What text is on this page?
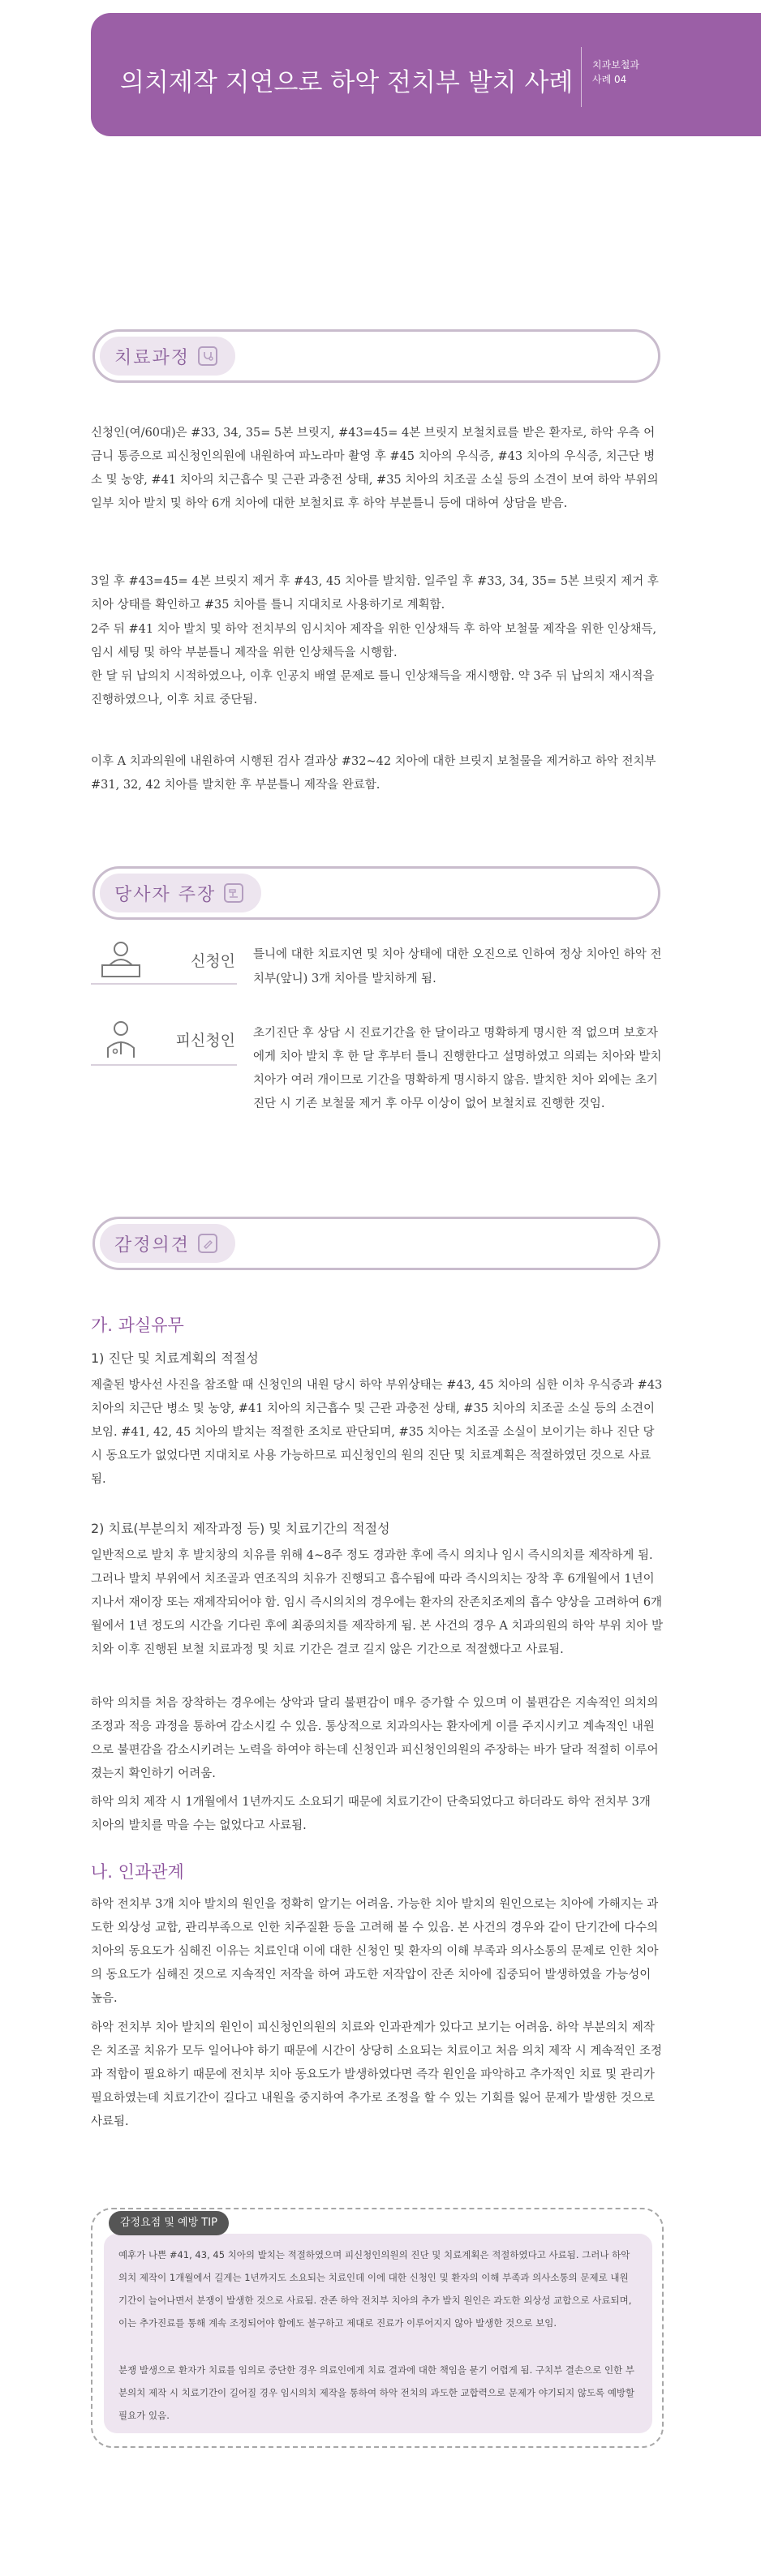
의치제작 지연으로 하악 전치부 발치 사례
치과보철과
사례 04
치료과정
신청인(여/60대)은 #33, 34, 35= 5본 브릿지, #43=45= 4본 브릿지 보철치료를 받은 환자로, 하악 우측 어금니 통증으로 피신청인의원에 내원하여 파노라마 촬영 후 #45 치아의 우식증, #43 치아의 우식증, 치근단 병소 및 농양, #41 치아의 치근흡수 및 근관 과충전 상태, #35 치아의 치조골 소실 등의 소견이 보여 하악 부위의 일부 치아 발치 및 하악 6개 치아에 대한 보철치료 후 하악 부분틀니 등에 대하여 상담을 받음.
3일 후 #43=45= 4본 브릿지 제거 후 #43, 45 치아를 발치함. 일주일 후 #33, 34, 35= 5본 브릿지 제거 후 치아 상태를 확인하고 #35 치아를 틀니 지대치로 사용하기로 계획함.
2주 뒤 #41 치아 발치 및 하악 전치부의 임시치아 제작을 위한 인상채득 후 하악 보철물 제작을 위한 인상채득, 임시 세팅 및 하악 부분틀니 제작을 위한 인상채득을 시행함.
한 달 뒤 납의치 시적하였으나, 이후 인공치 배열 문제로 틀니 인상채득을 재시행함. 약 3주 뒤 납의치 재시적을 진행하였으나, 이후 치료 중단됨.
이후 A 치과의원에 내원하여 시행된 검사 결과상 #32~42 치아에 대한 브릿지 보철물을 제거하고 하악 전치부 #31, 32, 42 치아를 발치한 후 부분틀니 제작을 완료함.
당사자 주장
신청인 틀니에 대한 치료지연 및 치아 상태에 대한 오진으로 인하여 정상 치아인 하악 전치부(앞니) 3개 치아를 발치하게 됨.
피신청인 초기진단 후 상담 시 진료기간을 한 달이라고 명확하게 명시한 적 없으며 보호자에게 치아 발치 후 한 달 후부터 틀니 진행한다고 설명하였고 의뢰는 치아와 발치 치아가 여러 개이므로 기간을 명확하게 명시하지 않음. 발치한 치아 외에는 초기 진단 시 기존 보철물 제거 후 아무 이상이 없어 보철치료 진행한 것임.
감정의견
가. 과실유무
1) 진단 및 치료계획의 적절성
제출된 방사선 사진을 참조할 때 신청인의 내원 당시 하악 부위상태는 #43, 45 치아의 심한 이차 우식증과 #43 치아의 치근단 병소 및 농양, #41 치아의 치근흡수 및 근관 과충전 상태, #35 치아의 치조골 소실 등의 소견이 보임. #41, 42, 45 치아의 발치는 적절한 조치로 판단되며, #35 치아는 치조골 소실이 보이기는 하나 진단 당시 동요도가 없었다면 지대치로 사용 가능하므로 피신청인의 원의 진단 및 치료계획은 적절하였던 것으로 사료됨.
2) 치료(부분의치 제작과정 등) 및 치료기간의 적절성
일반적으로 발치 후 발치창의 치유를 위해 4~8주 정도 경과한 후에 즉시 의치나 임시 즉시의치를 제작하게 됨. 그러나 발치 부위에서 치조골과 연조직의 치유가 진행되고 흡수됨에 따라 즉시의치는 장착 후 6개월에서 1년이 지나서 재이장 또는 재제작되어야 함. 임시 즉시의치의 경우에는 환자의 잔존치조제의 흡수 양상을 고려하여 6개월에서 1년 정도의 시간을 기다린 후에 최종의치를 제작하게 됨. 본 사건의 경우 A 치과의원의 하악 부위 치아 발치와 이후 진행된 보철 치료과정 및 치료 기간은 결코 길지 않은 기간으로 적절했다고 사료됨.
하악 의치를 처음 장착하는 경우에는 상악과 달리 불편감이 매우 증가할 수 있으며 이 불편감은 지속적인 의치의 조정과 적응 과정을 통하여 감소시킬 수 있음. 통상적으로 치과의사는 환자에게 이를 주지시키고 계속적인 내원으로 불편감을 감소시키려는 노력을 하여야 하는데 신청인과 피신청인의원의 주장하는 바가 달라 적절히 이루어졌는지 확인하기 어려움.
하악 의치 제작 시 1개월에서 1년까지도 소요되기 때문에 치료기간이 단축되었다고 하더라도 하악 전치부 3개 치아의 발치를 막을 수는 없었다고 사료됨.
나. 인과관계
하악 전치부 3개 치아 발치의 원인을 정확히 알기는 어려움. 가능한 치아 발치의 원인으로는 치아에 가해지는 과도한 외상성 교합, 관리부족으로 인한 치주질환 등을 고려해 볼 수 있음. 본 사건의 경우와 같이 단기간에 다수의 치아의 동요도가 심해진 이유는 치료인대 이에 대한 신청인 및 환자의 이해 부족과 의사소통의 문제로 인한 치아의 동요도가 심해진 것으로 지속적인 저작을 하여 과도한 저작압이 잔존 치아에 집중되어 발생하였을 가능성이 높음.
하악 전치부 치아 발치의 원인이 피신청인의원의 치료와 인과관계가 있다고 보기는 어려움. 하악 부분의치 제작은 치조골 치유가 모두 일어나야 하기 때문에 시간이 상당히 소요되는 치료이고 처음 의치 제작 시 계속적인 조정과 적합이 필요하기 때문에 전치부 치아 동요도가 발생하였다면 즉각 원인을 파악하고 추가적인 치료 및 관리가 필요하였는데 치료기간이 길다고 내원을 중지하여 추가로 조정을 할 수 있는 기회를 잃어 문제가 발생한 것으로 사료됨.
감정요점 및 예방 TIP
예후가 나쁜 #41, 43, 45 치아의 발치는 적절하였으며 피신청인의원의 진단 및 치료계획은 적절하였다고 사료됨. 그러나 하악 의치 제작이 1개월에서 길게는 1년까지도 소요되는 치료인데 이에 대한 신청인 및 환자의 이해 부족과 의사소통의 문제로 내원 기간이 늘어나면서 분쟁이 발생한 것으로 사료됨. 잔존 하악 전치부 치아의 추가 발치 원인은 과도한 외상성 교합으로 사료되며, 이는 추가진료를 통해 계속 조정되어야 함에도 불구하고 제대로 진료가 이루어지지 않아 발생한 것으로 보임.
분쟁 발생으로 환자가 치료를 임의로 중단한 경우 의료인에게 치료 결과에 대한 책임을 묻기 어렵게 됨. 구치부 결손으로 인한 부분의치 제작 시 치료기간이 길어질 경우 임시의치 제작을 통하여 하악 전치의 과도한 교합력으로 문제가 야기되지 않도록 예방할 필요가 있음.
